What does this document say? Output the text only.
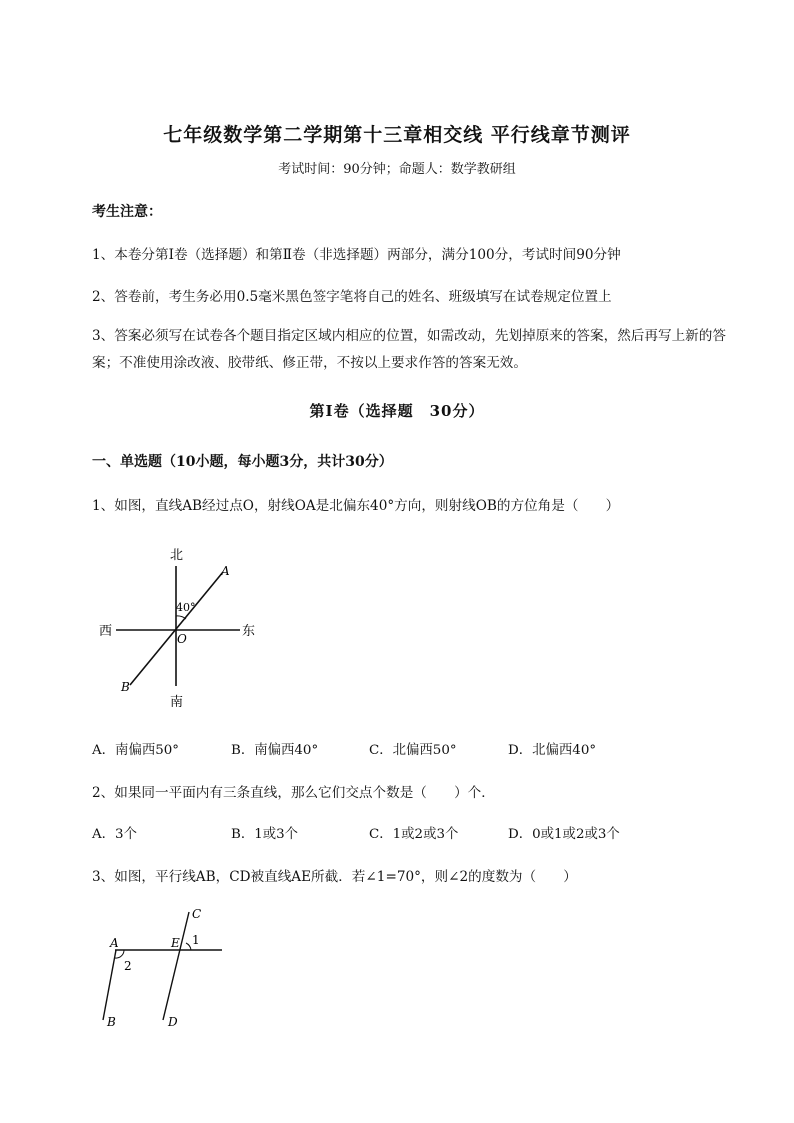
七年级数学第二学期第十三章相交线 平行线章节测评
考试时间：90分钟；命题人：数学教研组
考生注意：
1、本卷分第Ⅰ卷（选择题）和第Ⅱ卷（非选择题）两部分，满分100分，考试时间90分钟
2、答卷前，考生务必用0.5毫米黑色签字笔将自己的姓名、班级填写在试卷规定位置上
3、答案必须写在试卷各个题目指定区域内相应的位置，如需改动，先划掉原来的答案，然后再写上新的答案；不准使用涂改液、胶带纸、修正带，不按以上要求作答的答案无效。
第Ⅰ卷（选择题　30分）
一、单选题（10小题，每小题3分，共计30分）
1、如图，直线AB经过点O，射线OA是北偏东40°方向，则射线OB的方位角是（　　）
北
南
东
西
A
B
O
40°
A．南偏西50°	B．南偏西40°	C．北偏西50°	D．北偏西40°
2、如果同一平面内有三条直线，那么它们交点个数是（　　）个．
A．3个	B．1或3个	C．1或2或3个	D．0或1或2或3个
3、如图，平行线AB，CD被直线AE所截．若∠1=70°，则∠2的度数为（　　）
A
B
C
D
E 1
2
